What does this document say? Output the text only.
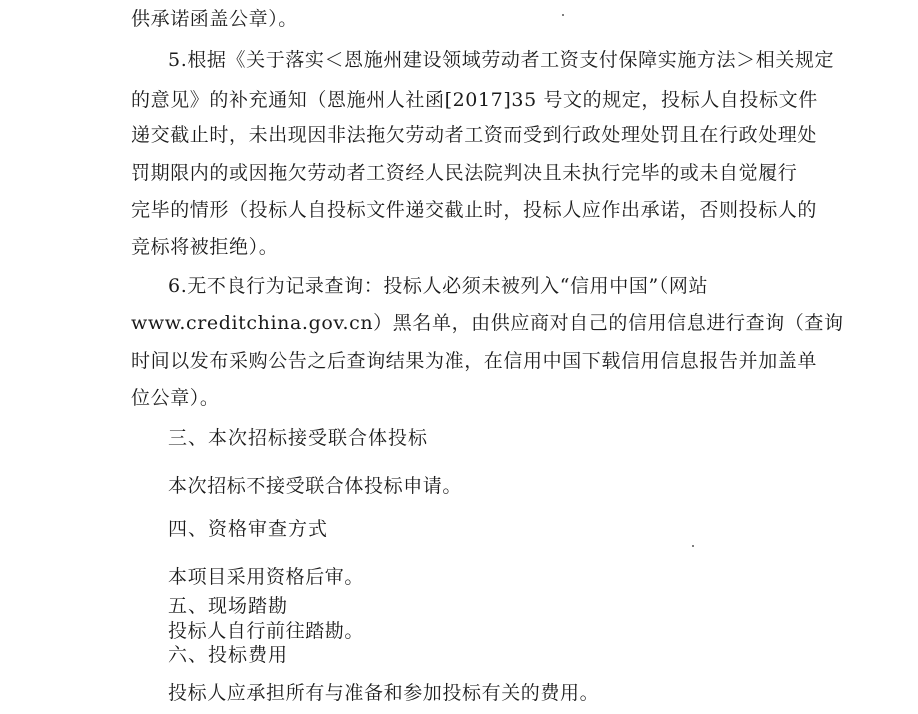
供承诺函盖公章）。
5.根据《关于落实＜恩施州建设领域劳动者工资支付保障实施方法＞相关规定
的意见》的补充通知（恩施州人社函[2017]35 号文的规定，投标人自投标文件
递交截止时，未出现因非法拖欠劳动者工资而受到行政处理处罚且在行政处理处
罚期限内的或因拖欠劳动者工资经人民法院判决且未执行完毕的或未自觉履行
完毕的情形（投标人自投标文件递交截止时，投标人应作出承诺，否则投标人的
竞标将被拒绝）。
6.无不良行为记录查询：投标人必须未被列入“信用中国”（网站
www.creditchina.gov.cn）黑名单，由供应商对自己的信用信息进行查询（查询
时间以发布采购公告之后查询结果为准，在信用中国下载信用信息报告并加盖单
位公章）。
三、本次招标接受联合体投标
本次招标不接受联合体投标申请。
四、资格审查方式
本项目采用资格后审。
五、现场踏勘
投标人自行前往踏勘。
六、投标费用
投标人应承担所有与准备和参加投标有关的费用。
